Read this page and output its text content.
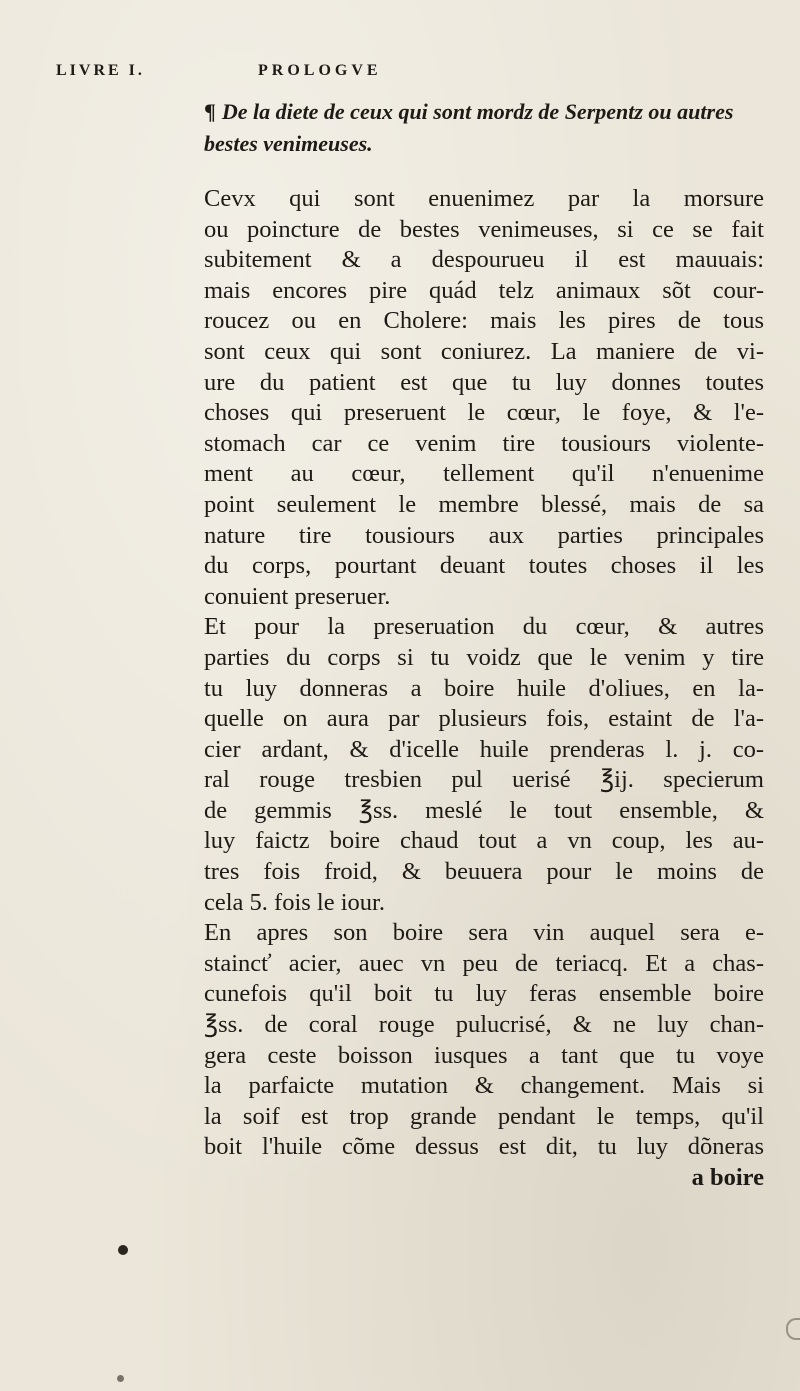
LIVRE I.	PROLOGVE
¶ De la diete de ceux qui sont mordz de Serpentz ou autres bestes venimeuses.
Cevx qui sont enuenimez par la morsure
ou poincture de bestes venimeuses, si ce se fait
subitement & a despourueu il est mauuais:
mais encores pire quád telz animaux sõt cour-
roucez ou en Cholere: mais les pires de tous
sont ceux qui sont coniurez. La maniere de vi-
ure du patient est que tu luy donnes toutes
choses qui preseruent le cœur, le foye, & l'e-
stomach car ce venim tire tousiours violente-
ment au cœur, tellement qu'il n'enuenime
point seulement le membre blessé, mais de sa
nature tire tousiours aux parties principales
du corps, pourtant deuant toutes choses il les
conuient preseruer.
Et pour la preseruation du cœur, & autres
parties du corps si tu voidz que le venim y tire
tu luy donneras a boire huile d'oliues, en la-
quelle on aura par plusieurs fois, estaint de l'a-
cier ardant, & d'icelle huile prenderas l. j. co-
ral rouge tresbien pul uerisé ℥ij. specierum
de gemmis ℥ss. meslé le tout ensemble, &
luy faictz boire chaud tout a vn coup, les au-
tres fois froid, & beuuera pour le moins de
cela 5. fois le iour.
En apres son boire sera vin auquel sera e-
staincť acier, auec vn peu de teriacq. Et a chas-
cunefois qu'il boit tu luy feras ensemble boire
℥ss. de coral rouge pulucrisé, & ne luy chan-
gera ceste boisson iusques a tant que tu voye
la parfaicte mutation & changement. Mais si
la soif est trop grande pendant le temps, qu'il
boit l'huile cõme dessus est dit, tu luy dõneras
a boire
